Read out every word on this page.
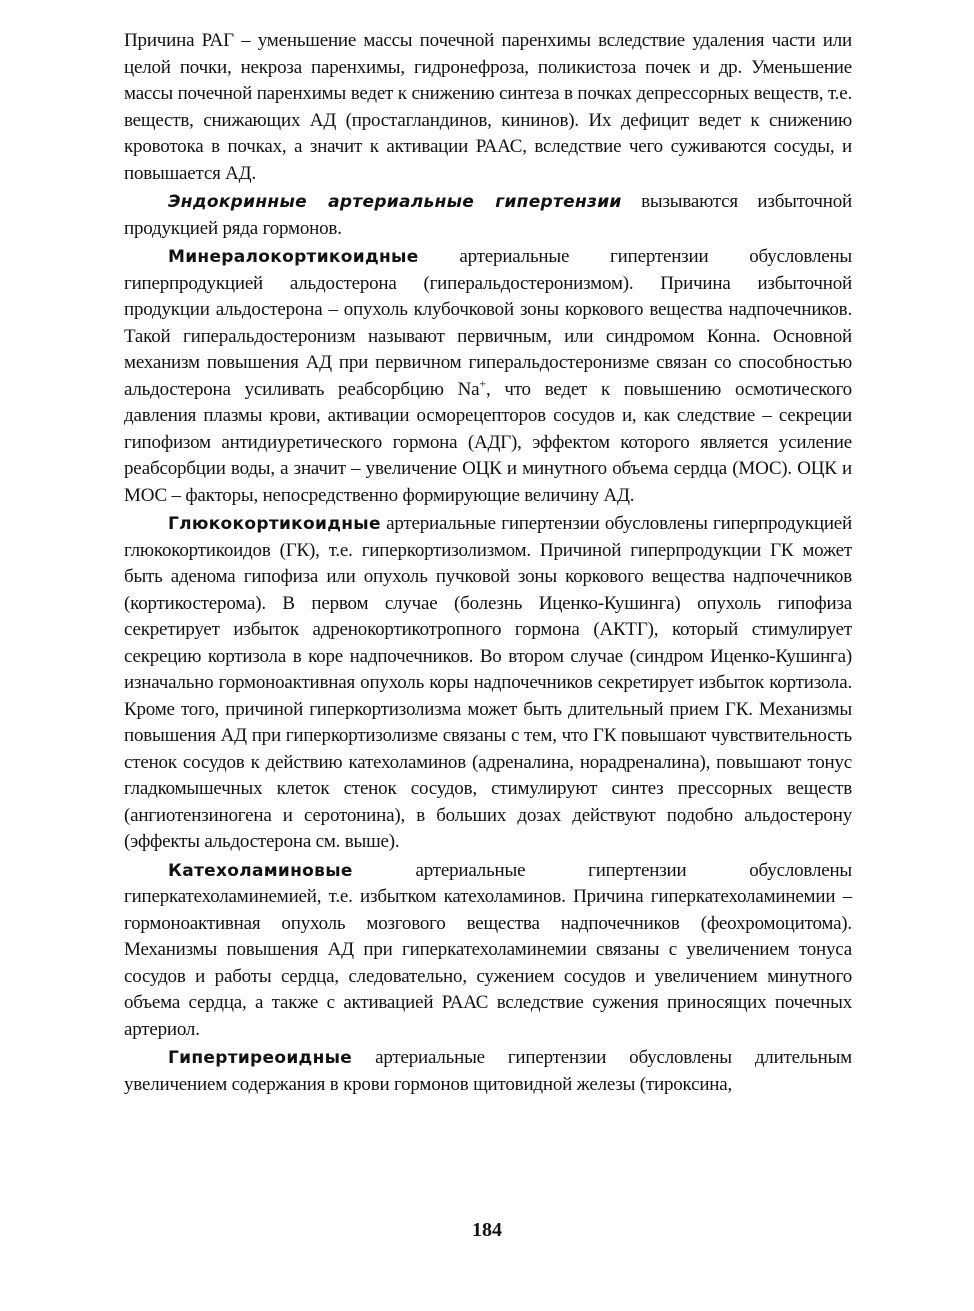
Причина РАГ – уменьшение массы почечной паренхимы вследствие удаления части или целой почки, некроза паренхимы, гидронефроза, поликистоза почек и др. Уменьшение массы почечной паренхимы ведет к снижению синтеза в почках депрессорных веществ, т.е. веществ, снижающих АД (простагландинов, кининов). Их дефицит ведет к снижению кровотока в почках, а значит к активации РААС, вследствие чего суживаются сосуды, и повышается АД.

Эндокринные артериальные гипертензии вызываются избыточной продукцией ряда гормонов.

Минералокортикоидные артериальные гипертензии обусловлены гиперпродукцией альдостерона (гиперальдостеронизмом). Причина избыточной продукции альдостерона – опухоль клубочковой зоны коркового вещества надпочечников. Такой гиперальдостеронизм называют первичным, или синдромом Конна. Основной механизм повышения АД при первичном гиперальдостеронизме связан со способностью альдостерона усиливать реабсорбцию Na+, что ведет к повышению осмотического давления плазмы крови, активации осморецепторов сосудов и, как следствие – секреции гипофизом антидиуретического гормона (АДГ), эффектом которого является усиление реабсорбции воды, а значит – увеличение ОЦК и минутного объема сердца (МОС). ОЦК и МОС – факторы, непосредственно формирующие величину АД.

Глюкокортикоидные артериальные гипертензии обусловлены гиперпродукцией глюкокортикоидов (ГК), т.е. гиперкортизолизмом. Причиной гиперпродукции ГК может быть аденома гипофиза или опухоль пучковой зоны коркового вещества надпочечников (кортикостерома). В первом случае (болезнь Иценко-Кушинга) опухоль гипофиза секретирует избыток адренокортикотропного гормона (АКТГ), который стимулирует секрецию кортизола в коре надпочечников. Во втором случае (синдром Иценко-Кушинга) изначально гормоноактивная опухоль коры надпочечников секретирует избыток кортизола. Кроме того, причиной гиперкортизолизма может быть длительный прием ГК. Механизмы повышения АД при гиперкортизолизме связаны с тем, что ГК повышают чувствительность стенок сосудов к действию катехоламинов (адреналина, норадреналина), повышают тонус гладкомышечных клеток стенок сосудов, стимулируют синтез прессорных веществ (ангиотензиногена и серотонина), в больших дозах действуют подобно альдостерону (эффекты альдостерона см. выше).

Катехоламиновые артериальные гипертензии обусловлены гиперкатехоламинемией, т.е. избытком катехоламинов. Причина гиперкатехоламинемии – гормоноактивная опухоль мозгового вещества надпочечников (феохромоцитома). Механизмы повышения АД при гиперкатехоламинемии связаны с увеличением тонуса сосудов и работы сердца, следовательно, сужением сосудов и увеличением минутного объема сердца, а также с активацией РААС вследствие сужения приносящих почечных артериол.

Гипертиреоидные артериальные гипертензии обусловлены длительным увеличением содержания в крови гормонов щитовидной железы (тироксина,

184
